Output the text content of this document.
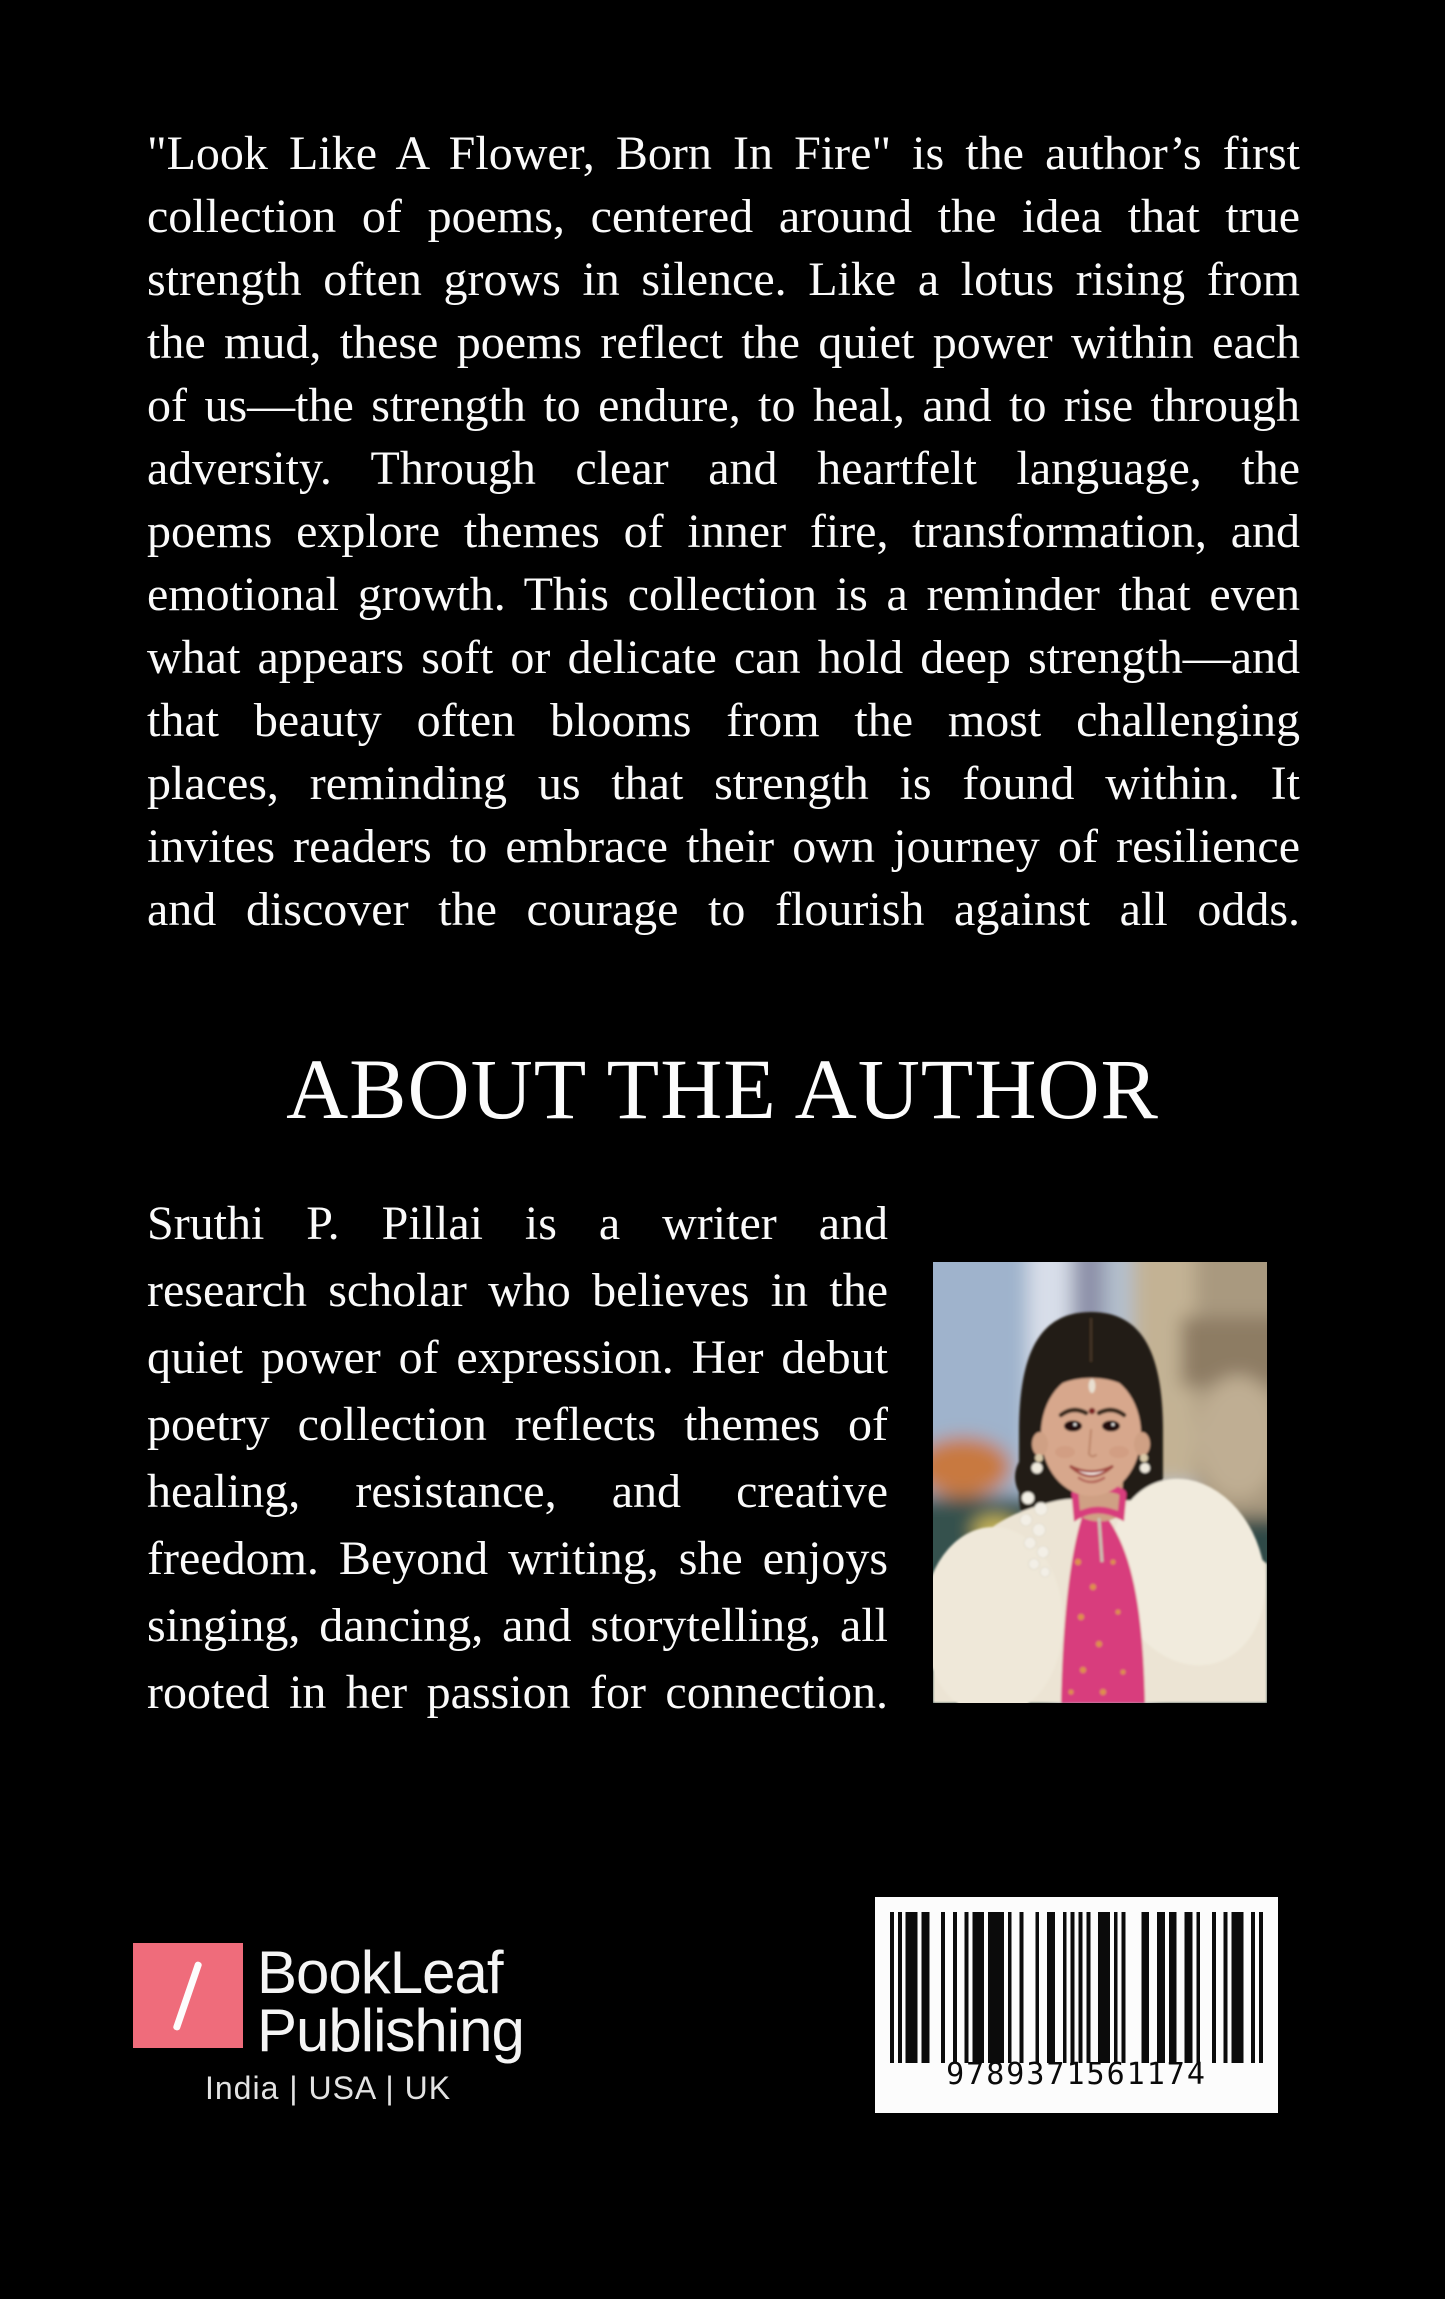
"Look Like A Flower, Born In Fire" is the author’s first
collection of poems, centered around the idea that true
strength often grows in silence. Like a lotus rising from
the mud, these poems reflect the quiet power within each
of us—the strength to endure, to heal, and to rise through
adversity. Through clear and heartfelt language, the
poems explore themes of inner fire, transformation, and
emotional growth. This collection is a reminder that even
what appears soft or delicate can hold deep strength—and
that beauty often blooms from the most challenging
places, reminding us that strength is found within. It
invites readers to embrace their own journey of resilience
and discover the courage to flourish against all odds.
ABOUT THE AUTHOR
Sruthi P. Pillai is a writer and
research scholar who believes in the
quiet power of expression. Her debut
poetry collection reflects themes of
healing, resistance, and creative
freedom. Beyond writing, she enjoys
singing, dancing, and storytelling, all
rooted in her passion for connection.
BookLeaf
Publishing
India | USA | UK	9789371561174
